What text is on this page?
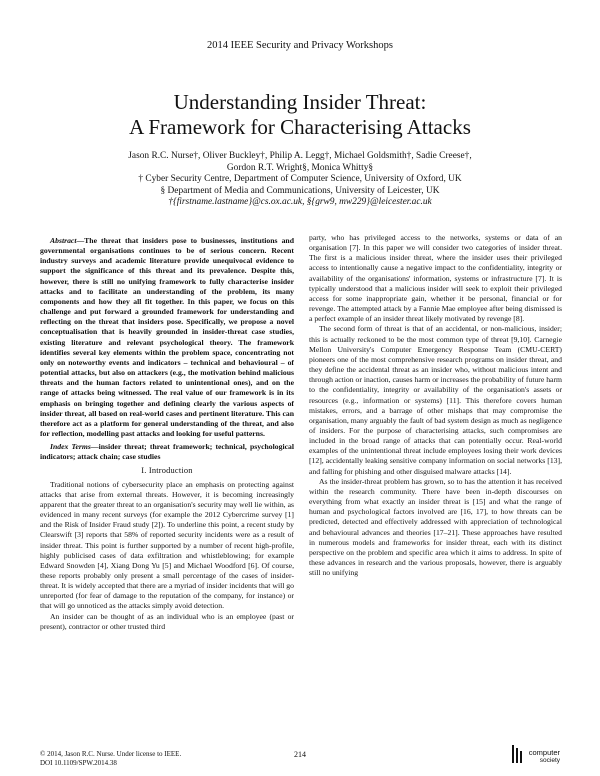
2014 IEEE Security and Privacy Workshops
Understanding Insider Threat:
A Framework for Characterising Attacks
Jason R.C. Nurse†, Oliver Buckley†, Philip A. Legg†, Michael Goldsmith†, Sadie Creese†,
Gordon R.T. Wright§, Monica Whitty§
† Cyber Security Centre, Department of Computer Science, University of Oxford, UK
§ Department of Media and Communications, University of Leicester, UK
†{firstname.lastname}@cs.ox.ac.uk, §{grw9, mw229}@leicester.ac.uk

Abstract—The threat that insiders pose to businesses, institutions and governmental organisations continues to be of serious concern. Recent industry surveys and academic literature provide unequivocal evidence to support the significance of this threat and its prevalence. Despite this, however, there is still no unifying framework to fully characterise insider attacks and to facilitate an understanding of the problem, its many components and how they all fit together. In this paper, we focus on this challenge and put forward a grounded framework for understanding and reflecting on the threat that insiders pose. Specifically, we propose a novel conceptualisation that is heavily grounded in insider-threat case studies, existing literature and relevant psychological theory. The framework identifies several key elements within the problem space, concentrating not only on noteworthy events and indicators – technical and behavioural – of potential attacks, but also on attackers (e.g., the motivation behind malicious threats and the human factors related to unintentional ones), and on the range of attacks being witnessed. The real value of our framework is in its emphasis on bringing together and defining clearly the various aspects of insider threat, all based on real-world cases and pertinent literature. This can therefore act as a platform for general understanding of the threat, and also for reflection, modelling past attacks and looking for useful patterns.

Index Terms—insider threat; threat framework; technical, psychological indicators; attack chain; case studies

I. Introduction

Traditional notions of cybersecurity place an emphasis on protecting against attacks that arise from external threats. However, it is becoming increasingly apparent that the greater threat to an organisation's security may well lie within, as evidenced in many recent surveys (for example the 2012 Cybercrime survey [1] and the Risk of Insider Fraud study [2]). To underline this point, a recent study by Clearswift [3] reports that 58% of reported security incidents were as a result of insider threat. This point is further supported by a number of recent high-profile, highly publicised cases of data exfiltration and whistleblowing; for example Edward Snowden [4], Xiang Dong Yu [5] and Michael Woodford [6]. Of course, these reports probably only present a small percentage of the cases of insider-threat. It is widely accepted that there are a myriad of insider incidents that will go unreported (for fear of damage to the reputation of the company, for instance) or that will go unnoticed as the attacks simply avoid detection.

An insider can be thought of as an individual who is an employee (past or present), contractor or other trusted third

party, who has privileged access to the networks, systems or data of an organisation [7]. In this paper we will consider two categories of insider threat. The first is a malicious insider threat, where the insider uses their privileged access to intentionally cause a negative impact to the confidentiality, integrity or availability of the organisations' information, systems or infrastructure [7]. It is typically understood that a malicious insider will seek to exploit their privileged access for some inappropriate gain, whether it be personal, financial or for revenge. The attempted attack by a Fannie Mae employee after being dismissed is a perfect example of an insider threat likely motivated by revenge [8].

The second form of threat is that of an accidental, or non-malicious, insider; this is actually reckoned to be the most common type of threat [9,10]. Carnegie Mellon University's Computer Emergency Response Team (CMU-CERT) pioneers one of the most comprehensive research programs on insider threat, and they define the accidental threat as an insider who, without malicious intent and through action or inaction, causes harm or increases the probability of future harm to the confidentiality, integrity or availability of the organisation's assets or resources (e.g., information or systems) [11]. This therefore covers human mistakes, errors, and a barrage of other mishaps that may compromise the organisation, many arguably the fault of bad system design as much as negligence of insiders. For the purpose of characterising attacks, such compromises are included in the broad range of attacks that can potentially occur. Real-world examples of the unintentional threat include employees losing their work devices [12], accidentally leaking sensitive company information on social networks [13], and falling for phishing and other disguised malware attacks [14].

As the insider-threat problem has grown, so to has the attention it has received within the research community. There have been in-depth discourses on everything from what exactly an insider threat is [15] and what the range of human and psychological factors involved are [16, 17], to how threats can be predicted, detected and effectively addressed with appreciation of technological and behavioural advances and theories [17–21]. These approaches have resulted in numerous models and frameworks for insider threat, each with its distinct perspective on the problem and specific area which it aims to address. In spite of these advances in research and the various proposals, however, there is arguably still no unifying

© 2014, Jason R.C. Nurse. Under license to IEEE.
DOI 10.1109/SPW.2014.38
214	computer
society
